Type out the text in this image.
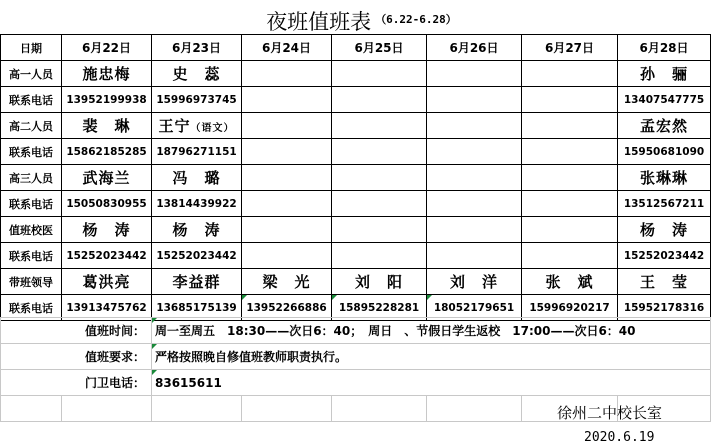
夜班值班表 （6.22-6.28）
日期	6月22日	6月23日	6月24日	6月25日	6月26日	6月27日	6月28日
高一人员	施忠梅	史　蕊					孙　骊
联系电话	13952199938	15996973745					13407547775
高二人员	裴　琳	王宁（语文）					孟宏然
联系电话	15862185285	18796271151					15950681090
高三人员	武海兰	冯　璐					张琳琳
联系电话	15050830955	13814439922					13512567211
值班校医	杨　涛	杨　涛					杨　涛
联系电话	15252023442	15252023442					15252023442
带班领导	葛洪亮	李益群	梁　光	刘　阳	刘　洋	张　斌	王　莹
联系电话	13913475762	13685175139	13952266886	15895228281	18052179651	15996920217	15952178316
值班时间：		周一至周五　18:30——次日6：40；　周日　、节假日学生返校　17:00——次日6：40					
值班要求：		严格按照晚自修值班教师职责执行。					
门卫电话：		83615611					

徐州二中校长室
2020.6.19
